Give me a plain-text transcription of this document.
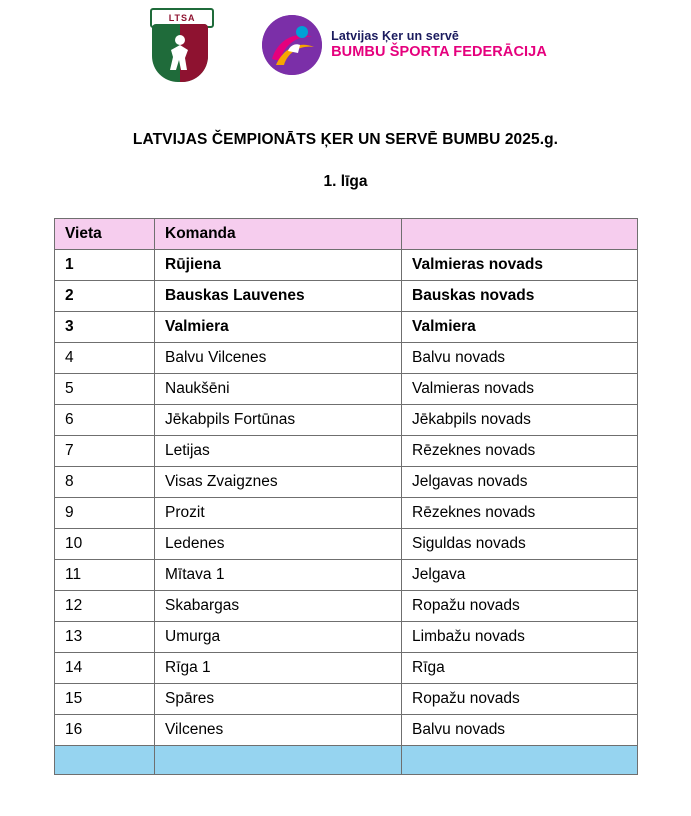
LTSA
Latvijas Ķer un servē
BUMBU ŠPORTA FEDERĀCIJA
LATVIJAS ČEMPIONĀTS ĶER UN SERVĒ BUMBU 2025.g.
1. līga
Vieta	Komanda	
1	Rūjiena	Valmieras novads
2	Bauskas Lauvenes	Bauskas novads
3	Valmiera	Valmiera
4	Balvu Vilcenes	Balvu novads
5	Naukšēni	Valmieras novads
6	Jēkabpils Fortūnas	Jēkabpils novads
7	Letijas	Rēzeknes novads
8	Visas Zvaigznes	Jelgavas novads
9	Prozit	Rēzeknes novads
10	Ledenes	Siguldas novads
11	Mītava 1	Jelgava
12	Skabargas	Ropažu novads
13	Umurga	Limbažu novads
14	Rīga 1	Rīga
15	Spāres	Ropažu novads
16	Vilcenes	Balvu novads
